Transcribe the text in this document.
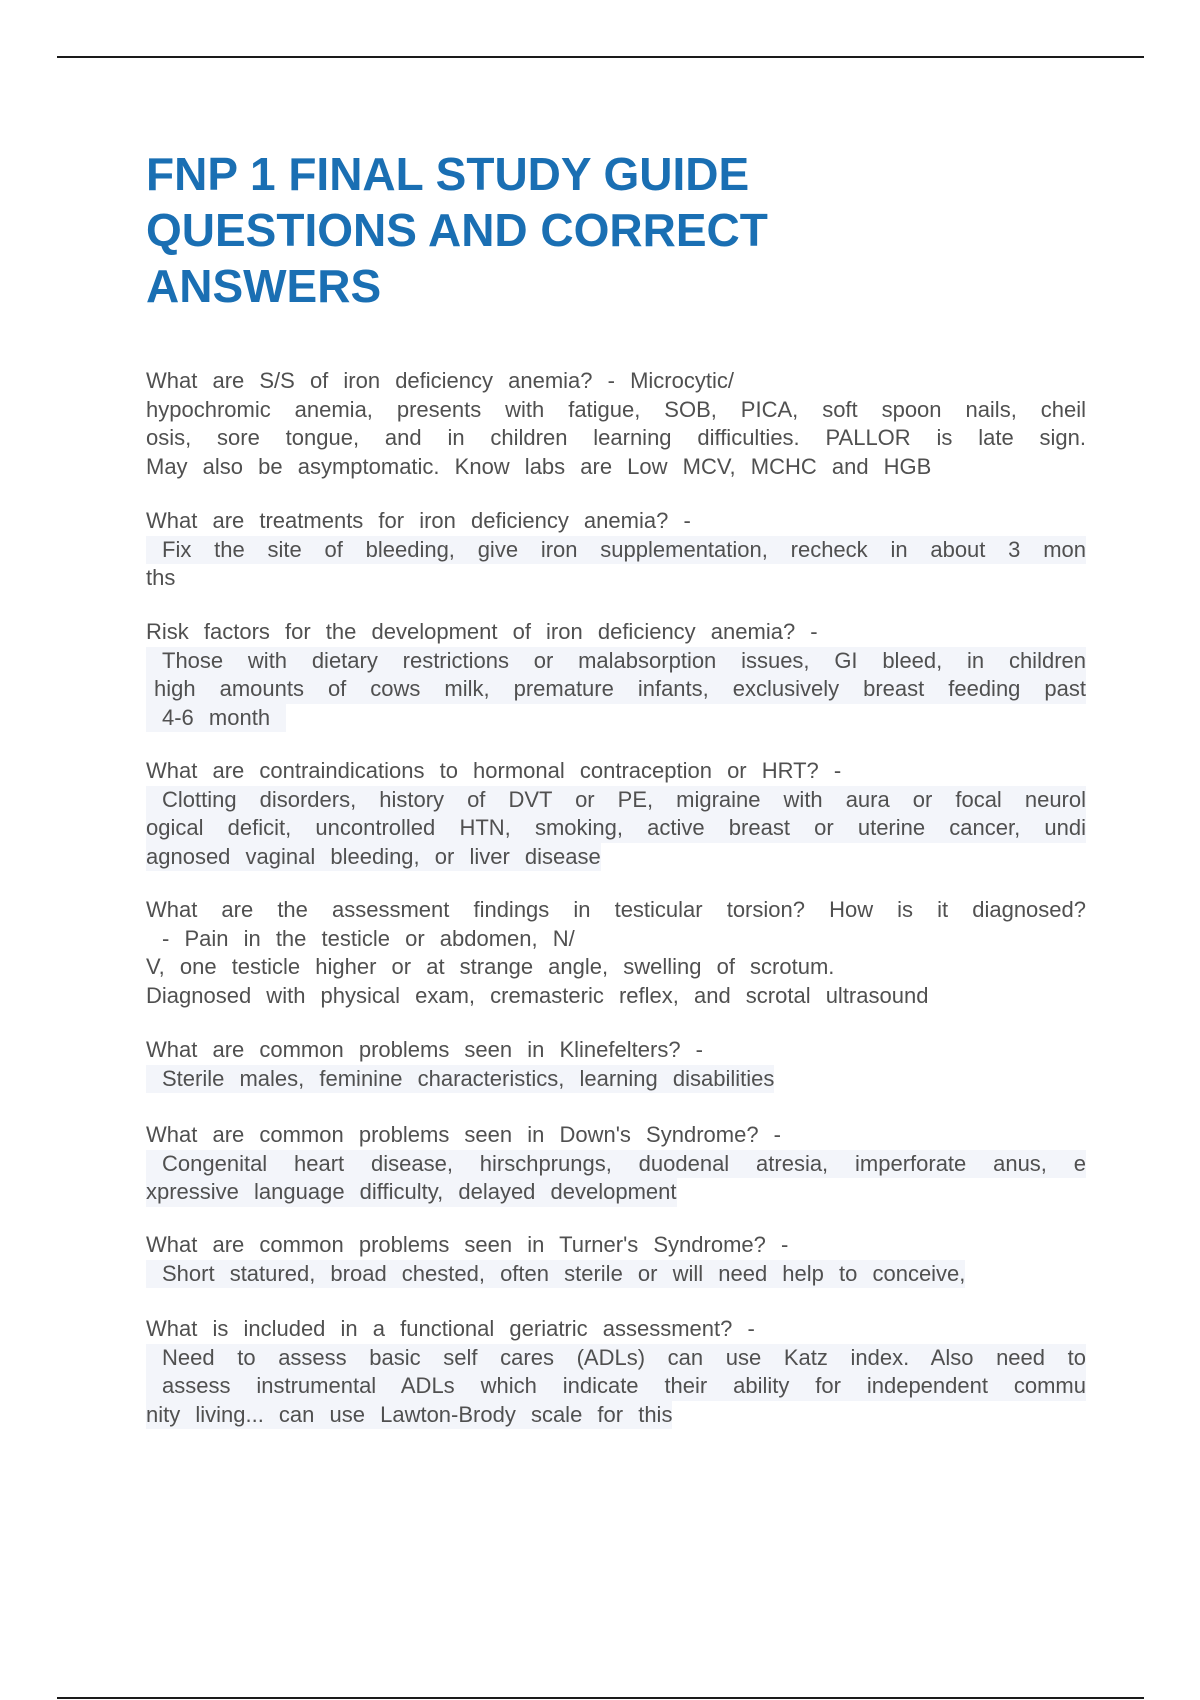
FNP 1 FINAL STUDY GUIDE
QUESTIONS AND CORRECT
ANSWERS
What are S/S of iron deficiency anemia? - Microcytic/
hypochromic anemia, presents with fatigue, SOB, PICA, soft spoon nails, cheil
osis, sore tongue, and in children learning difficulties. PALLOR is late sign.
May also be asymptomatic. Know labs are Low MCV, MCHC and HGB
What are treatments for iron deficiency anemia? -
Fix the site of bleeding, give iron supplementation, recheck in about 3 mon
ths
Risk factors for the development of iron deficiency anemia? -
Those with dietary restrictions or malabsorption issues, GI bleed, in children
high amounts of cows milk, premature infants, exclusively breast feeding past
4-6 month
What are contraindications to hormonal contraception or HRT? -
Clotting disorders, history of DVT or PE, migraine with aura or focal neurol
ogical deficit, uncontrolled HTN, smoking, active breast or uterine cancer, undi
agnosed vaginal bleeding, or liver disease
What are the assessment findings in testicular torsion? How is it diagnosed?
- Pain in the testicle or abdomen, N/
V, one testicle higher or at strange angle, swelling of scrotum.
Diagnosed with physical exam, cremasteric reflex, and scrotal ultrasound
What are common problems seen in Klinefelters? -
Sterile males, feminine characteristics, learning disabilities
What are common problems seen in Down's Syndrome? -
Congenital heart disease, hirschprungs, duodenal atresia, imperforate anus, e
xpressive language difficulty, delayed development
What are common problems seen in Turner's Syndrome? -
Short statured, broad chested, often sterile or will need help to conceive,
What is included in a functional geriatric assessment? -
Need to assess basic self cares (ADLs) can use Katz index. Also need to
assess instrumental ADLs which indicate their ability for independent commu
nity living... can use Lawton-Brody scale for this
